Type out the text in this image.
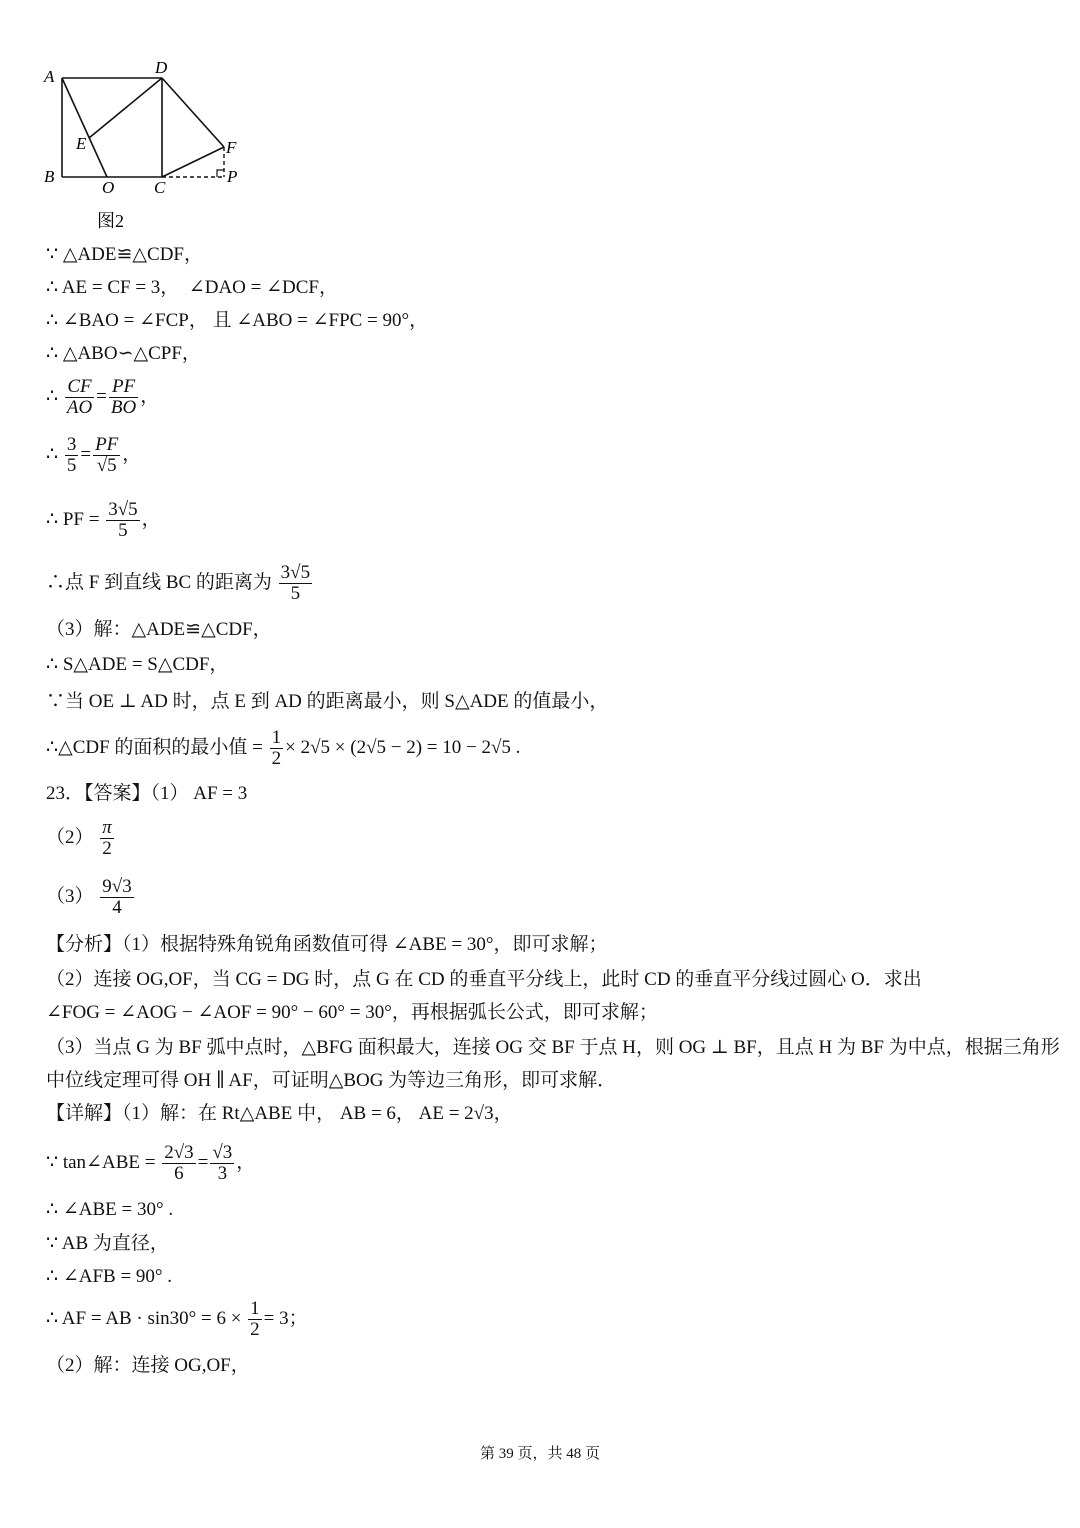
A	D
E	F
B
O C
P
图2
∵ △ADE≌△CDF，
∴ AE = CF = 3， ∠DAO = ∠DCF，
∴ ∠BAO = ∠FCP， 且 ∠ABO = ∠FPC = 90°，
∴ △ABO∽△CPF，
∴ $\frac{CF}{AO} = \frac{PF}{BO}$ ，
∴ $\frac{3}{5} = \frac{PF}{√5}$ ，
∴ PF = $\frac{3√5}{5}$ ，
∴点 F 到直线 BC 的距离为 $\frac{3√5}{5}$
（3）解：△ADE≌△CDF，
∴ S△ADE = S△CDF，
∵当 OE ⊥ AD 时，点 E 到 AD 的距离最小，则 S△ADE 的值最小，
∴△CDF 的面积的最小值 = $\frac{1}{2} \times 2√5 \times (2√5 - 2) = 10 - 2√5$ .
23．【答案】（1） AF = 3
$(2) \frac{\pi}{2}$
$(3) \frac{9√3}{4}$
【分析】（1）根据特殊角锐角函数值可得 ∠ABE = 30°，即可求解；
（2）连接 OG,OF，当 CG = DG 时，点 G 在 CD 的垂直平分线上，此时 CD 的垂直平分线过圆心 O．求出
∠FOG = ∠AOG − ∠AOF = 90° − 60° = 30°，再根据弧长公式，即可求解；
（3）当点 G 为 BF 弧中点时，△BFG 面积最大，连接 OG 交 BF 于点 H，则 OG ⊥ BF，且点 H 为 BF 为中点，根据三角形
中位线定理可得 OH ∥ AF，可证明△BOG 为等边三角形，即可求解．
【详解】（1）解：在 Rt△ABE 中， AB = 6， AE = 2√3，
∵ tan∠ABE = $\frac{2√3}{6} = \frac{√3}{3}$ ，
∴ ∠ABE = 30° .
∵ AB 为直径，
∴ ∠AFB = 90° .
∴ AF = AB · $\sin 30^\circ = 6 \times \frac{1}{2} = 3$；
（2）解：连接 OG,OF，
第 39 页，共 48 页
